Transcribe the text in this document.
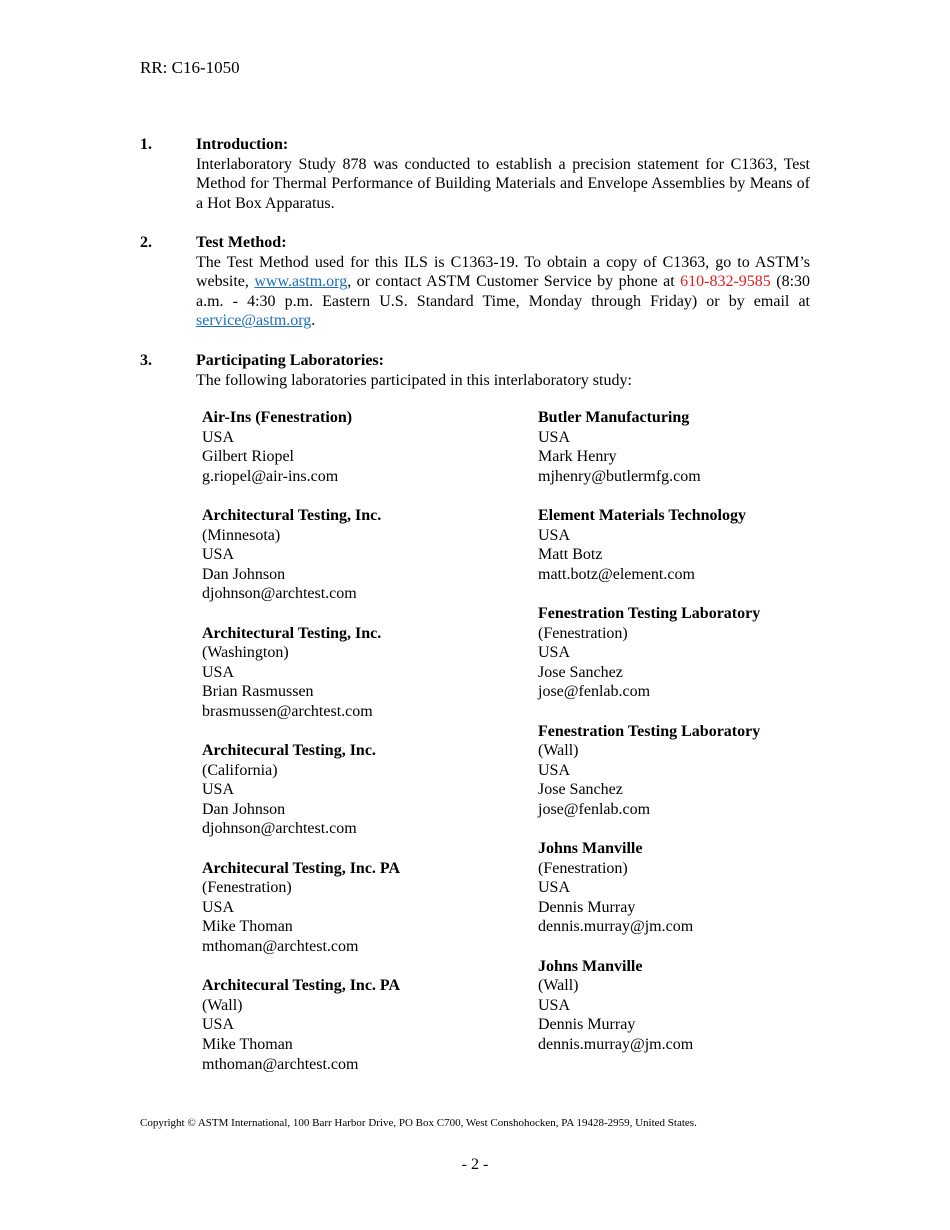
RR: C16-1050
1.	Introduction:
Interlaboratory Study 878 was conducted to establish a precision statement for C1363, Test Method for Thermal Performance of Building Materials and Envelope Assemblies by Means of a Hot Box Apparatus.
2.	Test Method:
The Test Method used for this ILS is C1363-19. To obtain a copy of C1363, go to ASTM’s website, www.astm.org, or contact ASTM Customer Service by phone at 610-832-9585 (8:30 a.m. - 4:30 p.m. Eastern U.S. Standard Time, Monday through Friday) or by email at service@astm.org.
3.	Participating Laboratories:
The following laboratories participated in this interlaboratory study:
Air-Ins (Fenestration)
USA
Gilbert Riopel
g.riopel@air-ins.com
Architectural Testing, Inc.
(Minnesota)
USA
Dan Johnson
djohnson@archtest.com
Architectural Testing, Inc.
(Washington)
USA
Brian Rasmussen
brasmussen@archtest.com
Architecural Testing, Inc.
(California)
USA
Dan Johnson
djohnson@archtest.com
Architecural Testing, Inc. PA
(Fenestration)
USA
Mike Thoman
mthoman@archtest.com
Architecural Testing, Inc. PA
(Wall)
USA
Mike Thoman
mthoman@archtest.com
Butler Manufacturing
USA
Mark Henry
mjhenry@butlermfg.com
Element Materials Technology
USA
Matt Botz
matt.botz@element.com
Fenestration Testing Laboratory
(Fenestration)
USA
Jose Sanchez
jose@fenlab.com
Fenestration Testing Laboratory
(Wall)
USA
Jose Sanchez
jose@fenlab.com
Johns Manville
(Fenestration)
USA
Dennis Murray
dennis.murray@jm.com
Johns Manville
(Wall)
USA
Dennis Murray
dennis.murray@jm.com
Copyright © ASTM International, 100 Barr Harbor Drive, PO Box C700, West Conshohocken, PA 19428-2959, United States.
- 2 -
